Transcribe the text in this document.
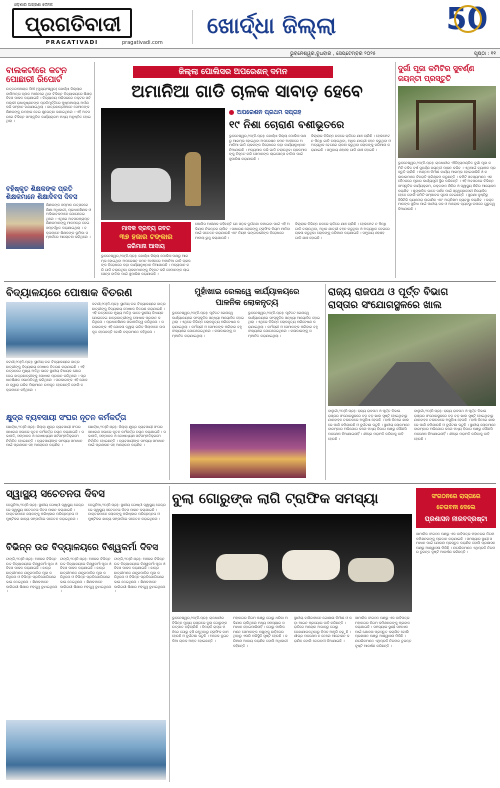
ଓଡ଼ିଶାର ଅଗ୍ରଣୀ ଦୈନିକ
ପ୍ରଗତିବାଦୀ
PRAGATIVADI	pragativadi.com
ଖୋର୍ଦ୍ଧା ଜିଲ୍ଲା	50
ଭୁବନେଶ୍ୱର,ବୁଧବାର , ସେପ୍ଟେମ୍ବର ୨୦୨୫	ପୃଷ୍ଠା : ୧୧
ବାଲକଟୀରେ କଟନ
ପୋଛାରୀ ରିପୋର୍ଟ
ଉତ୍ତରପଞ୍ଚାୟତ ସିଆଁ (ମୁଖ୍ୟାଂଶ୍ୱର) ଖୋର୍ଦ୍ଧା ଜିଲ୍ଲାର ବାଲିଅନ୍ତା ବ୍ଲକ ଅଧୀନରେ ଥିବା ବିଭିନ୍ନ ବିଦ୍ୟାଳୟରେ ଶିକ୍ଷକ ଦିବସ ପାଳନ କରାଯାଇଛି । ବିଦ୍ୟାଳୟ ପରିସରରେ ଡକ୍ଟର ସର୍ବପଲ୍ଲୀ ରାଧାକୃଷ୍ଣନଙ୍କ ପ୍ରତିମୂର୍ତ୍ତିରେ ପୁଷ୍ପମାଲ୍ୟ ଅର୍ପଣ କରି ସମ୍ମାନ ଜଣାଯାଇଥିଲା । ଛାତ୍ରଛାତ୍ରୀମାନେ ସେମାନଙ୍କ ଶିକ୍ଷକଙ୍କୁ ଉପହାର ଦେଇ ଶୁଭେଚ୍ଛା ଜଣାଇଥିଲେ । ଏହି ଅବସରରେ ବିଭିନ୍ନ ସାଂସ୍କୃତିକ କାର୍ଯ୍ୟକ୍ରମ ମଧ୍ୟ ଅନୁଷ୍ଠିତ ହୋଇଥିଲା ।
ବହିଷ୍କୃତ ଶିକ୍ଷକଙ୍କ ପ୍ରତି
ଶିକ୍ଷକମାନେ ଶିକ୍ଷାଦିବସ ଦିବସ
ଶିକ୍ଷକଙ୍କ ସମ୍ମାନ ଉତ୍ସବରେ ଶିକ୍ଷା ଅଧିକାରୀ, ପ୍ରଧାନଶିକ୍ଷକ ଓ ଅଭିଭାବକମାନେ ଯୋଗଦେଇଥିଲେ । ଏଥିରେ ଅବସରପ୍ରାପ୍ତ ଶିକ୍ଷକମାନଙ୍କୁ ମାନପତ୍ର ଦେଇ ସମ୍ବର୍ଦ୍ଧିତ କରାଯାଇଥିଲା । ବକ୍ତାମାନେ ଶିକ୍ଷକଙ୍କ ଭୂମିକା ସମ୍ପର୍କରେ ଆଲୋଚନା କରିଥିଲେ ।
ଜିଲ୍ଲା ପୋଲିସର ଅପରେଶନ୍ ଦମନ
ଅମାନିଆ ଗାଡି ଚାଳକ ସାବାଡ଼ ହେବେ
ଅପରେଶନ ପ୍ରଥମ ସପ୍ତାହ
୧୯ ନିଶା ଚୋରାଣ ବଶୀଭୂତରେ
ଭୁବନେଶ୍ୱର,୨୦(ନି.ପ୍ର): ଖୋର୍ଦ୍ଧା ଜିଲ୍ଲା ପୋଲିସ ପକ୍ଷରୁ ଆରମ୍ଭ ହୋଇଥିବା ଅପରେଶନ ଦମନ ଅଧୀନରେ ଅମାନିଆ ଗାଡି ଚାଳକଙ୍କ ବିରୋଧରେ କଡ଼ା କାର୍ଯ୍ୟାନୁଷ୍ଠାନ ନିଆଯାଉଛି । ମଦ୍ୟପାନ କରି ଗାଡି ଚଲାଉଥିବା ଚାଳକମାନଙ୍କୁ ଚିହ୍ନଟ କରି ସେମାନଙ୍କ ଲାଇସେନ୍ସ ବାତିଲ ପାଇଁ ସୁପାରିଶ କରାଯାଉଛି ।
ଜିଲ୍ଲାର ବିଭିନ୍ନ ଛକରେ ରାତିରେ ଯାଞ୍ଚ ଚାଲିଛି । ହେଲମେଟ ନ ପିନ୍ଧି ଗାଡି ଚଲାଉଥିବା, ଅଧିକ ଯାତ୍ରୀ ବହନ କରୁଥିବା ଓ ଅତ୍ୟଧିକ ବେଗରେ ଚାଳନା କରୁଥିବା ଲୋକଙ୍କୁ ଜରିମାନା କରାଯାଇଛି । ସମୁଦାୟ ଶହଶହ ଗାଡି ଯାଞ୍ଚ ହୋଇଛି ।
ମାଦକ ଦ୍ରବ୍ୟ ଜବତ
୩୭ ହଜାର ଟଙ୍କାର
ଜରିମାନା ଆଦାୟ
ପୋଲିସ ଅଧୀକ୍ଷକ କହିଛନ୍ତି ଯେ ସଡ଼କ ଦୁର୍ଘଟଣା କମାଇବା ପାଇଁ ଏହି ଅଭିଯାନ ନିରନ୍ତର ଚାଲିବ । ସାଧାରଣ ଲୋକଙ୍କୁ ଟ୍ରାଫିକ ନିୟମ ମାନିବା ପାଇଁ ସଚେତନ କରାଯାଉଛି ଏବଂ ନିୟମ ଭଙ୍ଗକାରୀଙ୍କ ବିରୋଧରେ ମାମଲା ରୁଜୁ କରାଯାଉଛି ।
ଜିଲ୍ଲାର ବିଭିନ୍ନ ଛକରେ ରାତିରେ ଯାଞ୍ଚ ଚାଲିଛି । ହେଲମେଟ ନ ପିନ୍ଧି ଗାଡି ଚଲାଉଥିବା, ଅଧିକ ଯାତ୍ରୀ ବହନ କରୁଥିବା ଓ ଅତ୍ୟଧିକ ବେଗରେ ଚାଳନା କରୁଥିବା ଲୋକଙ୍କୁ ଜରିମାନା କରାଯାଇଛି । ସମୁଦାୟ ଶହଶହ ଗାଡି ଯାଞ୍ଚ ହୋଇଛି ।
ଭୁବନେଶ୍ୱର,୨୦(ନି.ପ୍ର): ଖୋର୍ଦ୍ଧା ଜିଲ୍ଲା ପୋଲିସ ପକ୍ଷରୁ ଆରମ୍ଭ ହୋଇଥିବା ଅପରେଶନ ଦମନ ଅଧୀନରେ ଅମାନିଆ ଗାଡି ଚାଳକଙ୍କ ବିରୋଧରେ କଡ଼ା କାର୍ଯ୍ୟାନୁଷ୍ଠାନ ନିଆଯାଉଛି । ମଦ୍ୟପାନ କରି ଗାଡି ଚଲାଉଥିବା ଚାଳକମାନଙ୍କୁ ଚିହ୍ନଟ କରି ସେମାନଙ୍କ ଲାଇସେନ୍ସ ବାତିଲ ପାଇଁ ସୁପାରିଶ କରାଯାଉଛି ।
ଦୁର୍ଗା ପୂଜା କମିଟିର ସୁବର୍ଣ୍ଣ
ଜୟନ୍ତୀ ପ୍ରସ୍ତୁତି
ଭୁବନେଶ୍ୱର,୨୦(ନି.ପ୍ର): ରାଜଧାନୀର ଐତିହ୍ୟମଣ୍ଡିତ ଦୁର୍ଗା ପୂଜା କମିଟି ଚଳିତ ବର୍ଷ ସୁବର୍ଣ୍ଣ ଜୟନ୍ତୀ ପାଳନ କରିବ । ଏଥିପାଇଁ ବ୍ୟାପକ ପ୍ରସ୍ତୁତି ଚାଲିଛି । ମଣ୍ଡପ ନିର୍ମାଣ କାର୍ଯ୍ୟ ଆରମ୍ଭ ହୋଇସାରିଛି ଓ କଳାକାରମାନେ ଦିନରାତି ପରିଶ୍ରମ କରୁଛନ୍ତି । କମିଟି ସଦସ୍ୟମାନେ ଏକ ବୈଠକରେ ପୂଜାର କାର୍ଯ୍ୟସୂଚୀ ସ୍ଥିର କରିଛନ୍ତି । ଏହି ଅବସରରେ ବିଭିନ୍ନ ସାଂସ୍କୃତିକ କାର୍ଯ୍ୟକ୍ରମ, ରକ୍ତଦାନ ଶିବିର ଓ ସ୍ୱାସ୍ଥ୍ୟ ଶିବିର ଆୟୋଜନ କରାଯିବ । ଶୃଙ୍ଖଳିତ ଭାବେ ଦର୍ଶନ ପାଇଁ ସ୍ୱେଚ୍ଛାସେବୀ ନିୟୋଜିତ ହେବେ ବୋଲି କମିଟି ସମ୍ପାଦକ ସୂଚନା ଦେଇଛନ୍ତି । ସୁରକ୍ଷା ଦୃଷ୍ଟିରୁ ସିସିଟିଭି କ୍ୟାମେରା ଲଗାଯିବ ଏବଂ ଅଗ୍ନିଶମ ବ୍ୟବସ୍ଥା କରାଯିବ । ଭକ୍ତମାନଙ୍କ ସୁବିଧା ପାଇଁ ପାନୀୟ ଜଳ ଓ ଆଲୋକ ବ୍ୟବସ୍ଥା ଉପରେ ଗୁରୁତ୍ୱ ଦିଆଯାଉଛି ।
ବିଦ୍ୟାଳୟରେ ପୋଷାକ ବିତରଣ
ଜଟଣୀ,୨୦(ନି.ପ୍ର): ସ୍ଥାନୀୟ ଉଚ୍ଚ ବିଦ୍ୟାଳୟରେ ଛାତ୍ରଛାତ୍ରୀଙ୍କୁ ବିଦ୍ୟାଳୟ ପୋଷାକ ବିତରଣ କରାଯାଇଛି । ଏହି ଉତ୍ସବରେ ମୁଖ୍ୟ ଅତିଥି ଭାବେ ସ୍ଥାନୀୟ ବିଧାୟକ ଯୋଗଦେଇ ଛାତ୍ରଛାତ୍ରୀଙ୍କୁ ପୋଷାକ ପ୍ରଦାନ କରିଥିଲେ । ପ୍ରଧାନଶିକ୍ଷକ ସଭାପତିତ୍ୱ କରିଥିଲେ । ସରକାରଙ୍କ ଏହି ଯୋଜନା ଦ୍ୱାରା ଗରିବ ପିଲାମାନେ ଉପକୃତ ହେଉଛନ୍ତି ବୋଲି ବକ୍ତାମାନେ କହିଥିଲେ ।
ଜଟଣୀ,୨୦(ନି.ପ୍ର): ସ୍ଥାନୀୟ ଉଚ୍ଚ ବିଦ୍ୟାଳୟରେ ଛାତ୍ରଛାତ୍ରୀଙ୍କୁ ବିଦ୍ୟାଳୟ ପୋଷାକ ବିତରଣ କରାଯାଇଛି । ଏହି ଉତ୍ସବରେ ମୁଖ୍ୟ ଅତିଥି ଭାବେ ସ୍ଥାନୀୟ ବିଧାୟକ ଯୋଗଦେଇ ଛାତ୍ରଛାତ୍ରୀଙ୍କୁ ପୋଷାକ ପ୍ରଦାନ କରିଥିଲେ । ପ୍ରଧାନଶିକ୍ଷକ ସଭାପତିତ୍ୱ କରିଥିଲେ । ସରକାରଙ୍କ ଏହି ଯୋଜନା ଦ୍ୱାରା ଗରିବ ପିଲାମାନେ ଉପକୃତ ହେଉଛନ୍ତି ବୋଲି ବକ୍ତାମାନେ କହିଥିଲେ ।
କ୍ଷୁଦ୍ର ବ୍ୟବସାୟୀ ସଂଘର ନୂତନ କର୍ମକର୍ତ୍ତା
ଖୋର୍ଦ୍ଧା,୨୦(ନି.ପ୍ର): ଜିଲ୍ଲା କ୍ଷୁଦ୍ର ବ୍ୟବସାୟୀ ସଂଘର ସାଧାରଣ ସଭାରେ ନୂତନ କର୍ମକର୍ତ୍ତା ଚୟନ କରାଯାଇଛି । ସଭାପତି, ସମ୍ପାଦକ ଓ କୋଷାଧ୍ୟକ୍ଷ ସର୍ବସମ୍ମତିକ୍ରମେ ନିର୍ବାଚିତ ହୋଇଛନ୍ତି । ବ୍ୟବସାୟୀଙ୍କ ସମସ୍ୟା ସମାଧାନ ପାଇଁ ପ୍ରଶାସନ ସହ ଆଲୋଚନା କରାଯିବ ।
ଖୋର୍ଦ୍ଧା,୨୦(ନି.ପ୍ର): ଜିଲ୍ଲା କ୍ଷୁଦ୍ର ବ୍ୟବସାୟୀ ସଂଘର ସାଧାରଣ ସଭାରେ ନୂତନ କର୍ମକର୍ତ୍ତା ଚୟନ କରାଯାଇଛି । ସଭାପତି, ସମ୍ପାଦକ ଓ କୋଷାଧ୍ୟକ୍ଷ ସର୍ବସମ୍ମତିକ୍ରମେ ନିର୍ବାଚିତ ହୋଇଛନ୍ତି । ବ୍ୟବସାୟୀଙ୍କ ସମସ୍ୟା ସମାଧାନ ପାଇଁ ପ୍ରଶାସନ ସହ ଆଲୋଚନା କରାଯିବ ।
ମୁହାଁଖାଇ ରେଲୱେ କାର୍ଯ୍ୟାଳୟରେ
ପାଳନିକ ଲୋକନୃତ୍ୟ
ଭୁବନେଶ୍ୱର,୨୦(ନି.ପ୍ର): ପୂର୍ବତଟ ରେଲୱେ କାର୍ଯ୍ୟାଳୟରେ ସାଂସ୍କୃତିକ ସନ୍ଧ୍ୟା ଆୟୋଜିତ ହୋଇଥିଲା । ଏଥିରେ ବିଭିନ୍ନ ଲୋକନୃତ୍ୟ ପରିବେଷଣ କରାଯାଇଥିଲା । କର୍ମଚାରୀ ଓ ସେମାନଙ୍କ ପରିବାର ବହୁ ସଂଖ୍ୟାରେ ଯୋଗଦେଇଥିଲେ । କଳାକାରଙ୍କୁ ସମ୍ମାନିତ କରାଯାଇଥିଲା ।
ଭୁବନେଶ୍ୱର,୨୦(ନି.ପ୍ର): ପୂର୍ବତଟ ରେଲୱେ କାର୍ଯ୍ୟାଳୟରେ ସାଂସ୍କୃତିକ ସନ୍ଧ୍ୟା ଆୟୋଜିତ ହୋଇଥିଲା । ଏଥିରେ ବିଭିନ୍ନ ଲୋକନୃତ୍ୟ ପରିବେଷଣ କରାଯାଇଥିଲା । କର୍ମଚାରୀ ଓ ସେମାନଙ୍କ ପରିବାର ବହୁ ସଂଖ୍ୟାରେ ଯୋଗଦେଇଥିଲେ । କଳାକାରଙ୍କୁ ସମ୍ମାନିତ କରାଯାଇଥିଲା ।
ରାଜ୍ୟ ରାଜପଥ ଓ ପୂର୍ତ୍ତ ବିଭାଗ
ରାସ୍ତାର ସଂଯୋଗସ୍ଥଳରେ ଖାଲ
ବାଲୁଗାଁ,୨୦(ନି.ପ୍ର): ରାଜ୍ୟ ରାଜପଥ ଓ ପୂର୍ତ୍ତ ବିଭାଗ ରାସ୍ତାର ସଂଯୋଗସ୍ଥଳରେ ବଡ଼ ବଡ଼ ଖାଲ ସୃଷ୍ଟି ହୋଇଥିବାରୁ ଯାନବାହନ ଚଳାଚଳରେ ଅସୁବିଧା ହେଉଛି । ବର୍ଷା ଦିନରେ ଖାଲରେ ପାଣି ଜମିଯାଉଛି ଓ ଦୁର୍ଘଟଣା ଘଟୁଛି । ସ୍ଥାନୀୟ ଲୋକମାନେ ବାରମ୍ବାର ଅଭିଯୋଗ କଲେ ମଧ୍ୟ ବିଭାଗ ପକ୍ଷରୁ କୌଣସି ପଦକ୍ଷେପ ନିଆଯାଇନାହିଁ । ଶୀଘ୍ର ମରାମତି କରିବାକୁ ଦାବି ହେଉଛି ।
ବାଲୁଗାଁ,୨୦(ନି.ପ୍ର): ରାଜ୍ୟ ରାଜପଥ ଓ ପୂର୍ତ୍ତ ବିଭାଗ ରାସ୍ତାର ସଂଯୋଗସ୍ଥଳରେ ବଡ଼ ବଡ଼ ଖାଲ ସୃଷ୍ଟି ହୋଇଥିବାରୁ ଯାନବାହନ ଚଳାଚଳରେ ଅସୁବିଧା ହେଉଛି । ବର୍ଷା ଦିନରେ ଖାଲରେ ପାଣି ଜମିଯାଉଛି ଓ ଦୁର୍ଘଟଣା ଘଟୁଛି । ସ୍ଥାନୀୟ ଲୋକମାନେ ବାରମ୍ବାର ଅଭିଯୋଗ କଲେ ମଧ୍ୟ ବିଭାଗ ପକ୍ଷରୁ କୌଣସି ପଦକ୍ଷେପ ନିଆଯାଇନାହିଁ । ଶୀଘ୍ର ମରାମତି କରିବାକୁ ଦାବି ହେଉଛି ।
ସ୍ୱାସ୍ଥ୍ୟ ସଚେତନତା ଦିବସ
ବେଗୁନିଆ,୨୦(ନି.ପ୍ର): ସ୍ଥାନୀୟ ଗୋଷ୍ଠୀ ସ୍ୱାସ୍ଥ୍ୟ କେନ୍ଦ୍ରରେ ସ୍ୱାସ୍ଥ୍ୟ ସଚେତନତା ଦିବସ ପାଳନ କରାଯାଇଛି । ଡାକ୍ତରମାନେ ଲୋକଙ୍କୁ ପରିଷ୍କାର ପରିଚ୍ଛନ୍ନତା ଓ ପୁଷ୍ଟିକର ଖାଦ୍ୟ ସମ୍ପର୍କରେ ସଚେତନ କରାଇଥିଲେ ।
ବେଗୁନିଆ,୨୦(ନି.ପ୍ର): ସ୍ଥାନୀୟ ଗୋଷ୍ଠୀ ସ୍ୱାସ୍ଥ୍ୟ କେନ୍ଦ୍ରରେ ସ୍ୱାସ୍ଥ୍ୟ ସଚେତନତା ଦିବସ ପାଳନ କରାଯାଇଛି । ଡାକ୍ତରମାନେ ଲୋକଙ୍କୁ ପରିଷ୍କାର ପରିଚ୍ଛନ୍ନତା ଓ ପୁଷ୍ଟିକର ଖାଦ୍ୟ ସମ୍ପର୍କରେ ସଚେତନ କରାଇଥିଲେ ।
ବିଭିନ୍ନ ଉଚ୍ଚ ବିଦ୍ୟାଳୟରେ ବିଶ୍ୱକର୍ମା ଦିବସ
ଟାଙ୍ଗି,୨୦(ନି.ପ୍ର): ଅଞ୍ଚଳର ବିଭିନ୍ନ ଉଚ୍ଚ ବିଦ୍ୟାଳୟରେ ବିଶ୍ୱକର୍ମା ପୂଜା ଓ ଦିବସ ପାଳନ କରାଯାଇଛି । ଛାତ୍ରଛାତ୍ରୀମାନେ ଯନ୍ତ୍ରପାତିର ପୂଜା କରିଥିଲେ ଓ ବିଭିନ୍ନ ପ୍ରତିଯୋଗିତାରେ ଭାଗ ନେଇଥିଲେ । ଶିକ୍ଷକମାନେ କାରିଗରୀ ଶିକ୍ଷାର ମହତ୍ତ୍ୱ ବୁଝାଇଥିଲେ ।
ଟାଙ୍ଗି,୨୦(ନି.ପ୍ର): ଅଞ୍ଚଳର ବିଭିନ୍ନ ଉଚ୍ଚ ବିଦ୍ୟାଳୟରେ ବିଶ୍ୱକର୍ମା ପୂଜା ଓ ଦିବସ ପାଳନ କରାଯାଇଛି । ଛାତ୍ରଛାତ୍ରୀମାନେ ଯନ୍ତ୍ରପାତିର ପୂଜା କରିଥିଲେ ଓ ବିଭିନ୍ନ ପ୍ରତିଯୋଗିତାରେ ଭାଗ ନେଇଥିଲେ । ଶିକ୍ଷକମାନେ କାରିଗରୀ ଶିକ୍ଷାର ମହତ୍ତ୍ୱ ବୁଝାଇଥିଲେ ।
ଟାଙ୍ଗି,୨୦(ନି.ପ୍ର): ଅଞ୍ଚଳର ବିଭିନ୍ନ ଉଚ୍ଚ ବିଦ୍ୟାଳୟରେ ବିଶ୍ୱକର୍ମା ପୂଜା ଓ ଦିବସ ପାଳନ କରାଯାଇଛି । ଛାତ୍ରଛାତ୍ରୀମାନେ ଯନ୍ତ୍ରପାତିର ପୂଜା କରିଥିଲେ ଓ ବିଭିନ୍ନ ପ୍ରତିଯୋଗିତାରେ ଭାଗ ନେଇଥିଲେ । ଶିକ୍ଷକମାନେ କାରିଗରୀ ଶିକ୍ଷାର ମହତ୍ତ୍ୱ ବୁଝାଇଥିଲେ ।
ବୁଲା ଗୋରୁଙ୍କ ଲାଗି ଟ୍ରାଫିକ ସମସ୍ୟା	ସଂଗଠନରେ ରାସ୍ତାରେ
ଚେତାବନୀ ଦେଲେ
ପ୍ରଶାସନ ନୀରବଦ୍ରଷ୍ଟା
ସାମାଜିକ ସଂଗଠନ ପକ୍ଷରୁ ଏକ ଦାବିପତ୍ର ମହାନଗର ନିଗମ କମିଶନରଙ୍କୁ ପ୍ରଦାନ କରାଯାଇଛି । ସମସ୍ୟାର ସ୍ଥାୟୀ ସମାଧାନ ପାଇଁ ଯୋଜନା ପ୍ରସ୍ତୁତ କରାଯିବ ବୋଲି ପ୍ରଶାସନ ପକ୍ଷରୁ ଆଶ୍ୱାସନା ମିଳିଛି । ନାଗରିକମାନେ ଏଥିପ୍ରତି ନିଗମର ତୁରନ୍ତ ଦୃଷ୍ଟି ଆକର୍ଷଣ କରିଛନ୍ତି ।
ଭୁବନେଶ୍ୱର,୨୦(ନି.ପ୍ର): ରାଜଧାନୀର ବିଭିନ୍ନ ମୁଖ୍ୟ ରାସ୍ତାରେ ବୁଲା ଗୋରୁଙ୍କ ଉତ୍ପାତ ବଢ଼ିଚାଲିଛି । ଦିନରାତି ରାସ୍ତା ମଝିରେ ଗୋରୁ ବସି ରହୁଥିବାରୁ ଟ୍ରାଫିକ ଜାମ ହେଉଛି ଓ ଦୁର୍ଘଟଣା ଘଟୁଛି । ଅନେକ ଦୁଇଚକିଆ ଚାଳକ ଆହତ ହୋଇଛନ୍ତି ।
ମହାନଗର ନିଗମ ପକ୍ଷରୁ ଗୋରୁ ଧରିବା ଅଭିଯାନ ଚାଲିଥିଲେ ମଧ୍ୟ ସମସ୍ୟାର ସମାଧାନ ହୋଇପାରିନାହିଁ । ଗୋରୁ ମାଲିକମାନେ ସେମାନଙ୍କ ପଶୁଙ୍କୁ ଛାଡ଼ିଦେଉଥିବାରୁ ଏପରି ପରିସ୍ଥିତି ସୃଷ୍ଟି ହେଉଛି । ଜରିମାନା ଆଦାୟ କରାଯିବ ବୋଲି ଅଧିକାରୀ କହିଛନ୍ତି ।
ସ୍ଥାନୀୟ ବାସିନ୍ଦାମାନେ ଗୋଶାଳା ନିର୍ମାଣ ଓ କଡ଼ା ଆଇନ ପ୍ରୟୋଗ ଦାବି କରିଛନ୍ତି । ରାତିରେ ଆଲୋକ ଅଭାବରୁ ଗୋରୁ ଦେଖାଯାଉନଥିବାରୁ ବିପଦ ଆହୁରି ବଢ଼ୁଛି । ଶୀଘ୍ର ପଦକ୍ଷେପ ନ ନେଲେ ଆନ୍ଦୋଳନ କରାଯିବ ବୋଲି ଚେତାବନୀ ଦିଆଯାଇଛି ।
ସାମାଜିକ ସଂଗଠନ ପକ୍ଷରୁ ଏକ ଦାବିପତ୍ର ମହାନଗର ନିଗମ କମିଶନରଙ୍କୁ ପ୍ରଦାନ କରାଯାଇଛି । ସମସ୍ୟାର ସ୍ଥାୟୀ ସମାଧାନ ପାଇଁ ଯୋଜନା ପ୍ରସ୍ତୁତ କରାଯିବ ବୋଲି ପ୍ରଶାସନ ପକ୍ଷରୁ ଆଶ୍ୱାସନା ମିଳିଛି । ନାଗରିକମାନେ ଏଥିପ୍ରତି ନିଗମର ତୁରନ୍ତ ଦୃଷ୍ଟି ଆକର୍ଷଣ କରିଛନ୍ତି ।
